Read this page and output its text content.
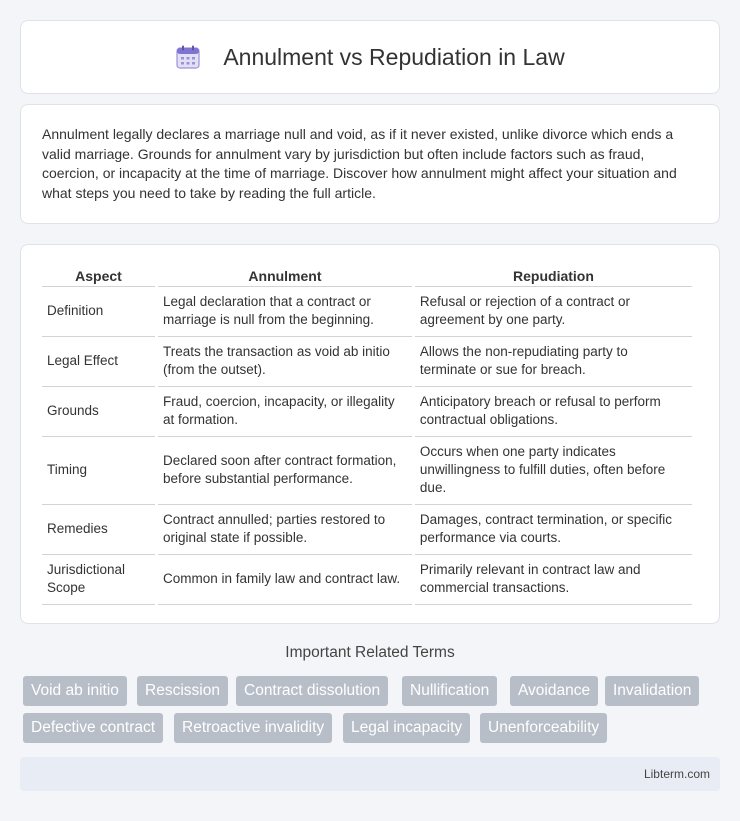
Annulment vs Repudiation in Law

Annulment legally declares a marriage null and void, as if it never existed, unlike divorce which ends a valid marriage. Grounds for annulment vary by jurisdiction but often include factors such as fraud, coercion, or incapacity at the time of marriage. Discover how annulment might affect your situation and what steps you need to take by reading the full article.

Aspect	Annulment	Repudiation
Definition	Legal declaration that a contract or marriage is null from the beginning.	Refusal or rejection of a contract or agreement by one party.
Legal Effect	Treats the transaction as void ab initio (from the outset).	Allows the non-repudiating party to terminate or sue for breach.
Grounds	Fraud, coercion, incapacity, or illegality at formation.	Anticipatory breach or refusal to perform contractual obligations.
Timing	Declared soon after contract formation, before substantial performance.	Occurs when one party indicates unwillingness to fulfill duties, often before due.
Remedies	Contract annulled; parties restored to original state if possible.	Damages, contract termination, or specific performance via courts.
Jurisdictional Scope	Common in family law and contract law.	Primarily relevant in contract law and commercial transactions.
Important Related Terms
Void ab initio	Rescission	Contract dissolution	Nullification	Avoidance	Invalidation
Defective contract	Retroactive invalidity	Legal incapacity	Unenforceability
Libterm.com
